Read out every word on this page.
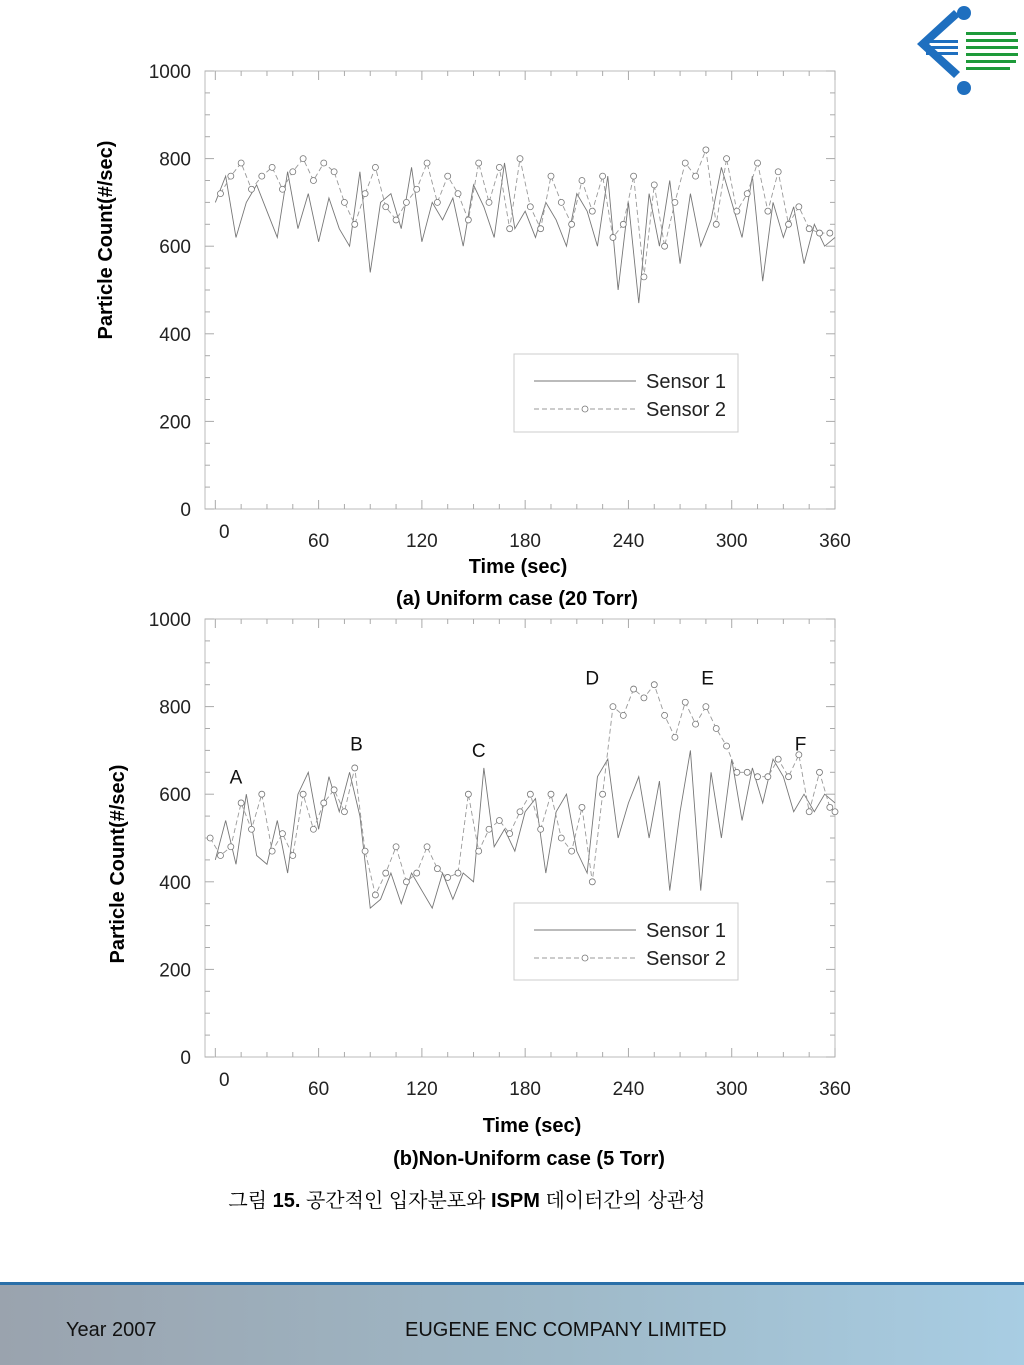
0	60	120	180	240	300	360
0
200
400
600
800
1000
Time (sec)
Particle Count(#/sec)
(a) Uniform case (20 Torr)
Sensor 1
Sensor 2
0	60	120	180	240	300	360
0
200
400
600
800
1000
Time (sec)
Particle Count(#/sec)
(b)Non-Uniform case (5 Torr)
A
B	C
D	E
F
Sensor 1
Sensor 2
그림 15. 공간적인 입자분포와 ISPM 데이터간의 상관성
Year 2007	EUGENE ENC COMPANY LIMITED
